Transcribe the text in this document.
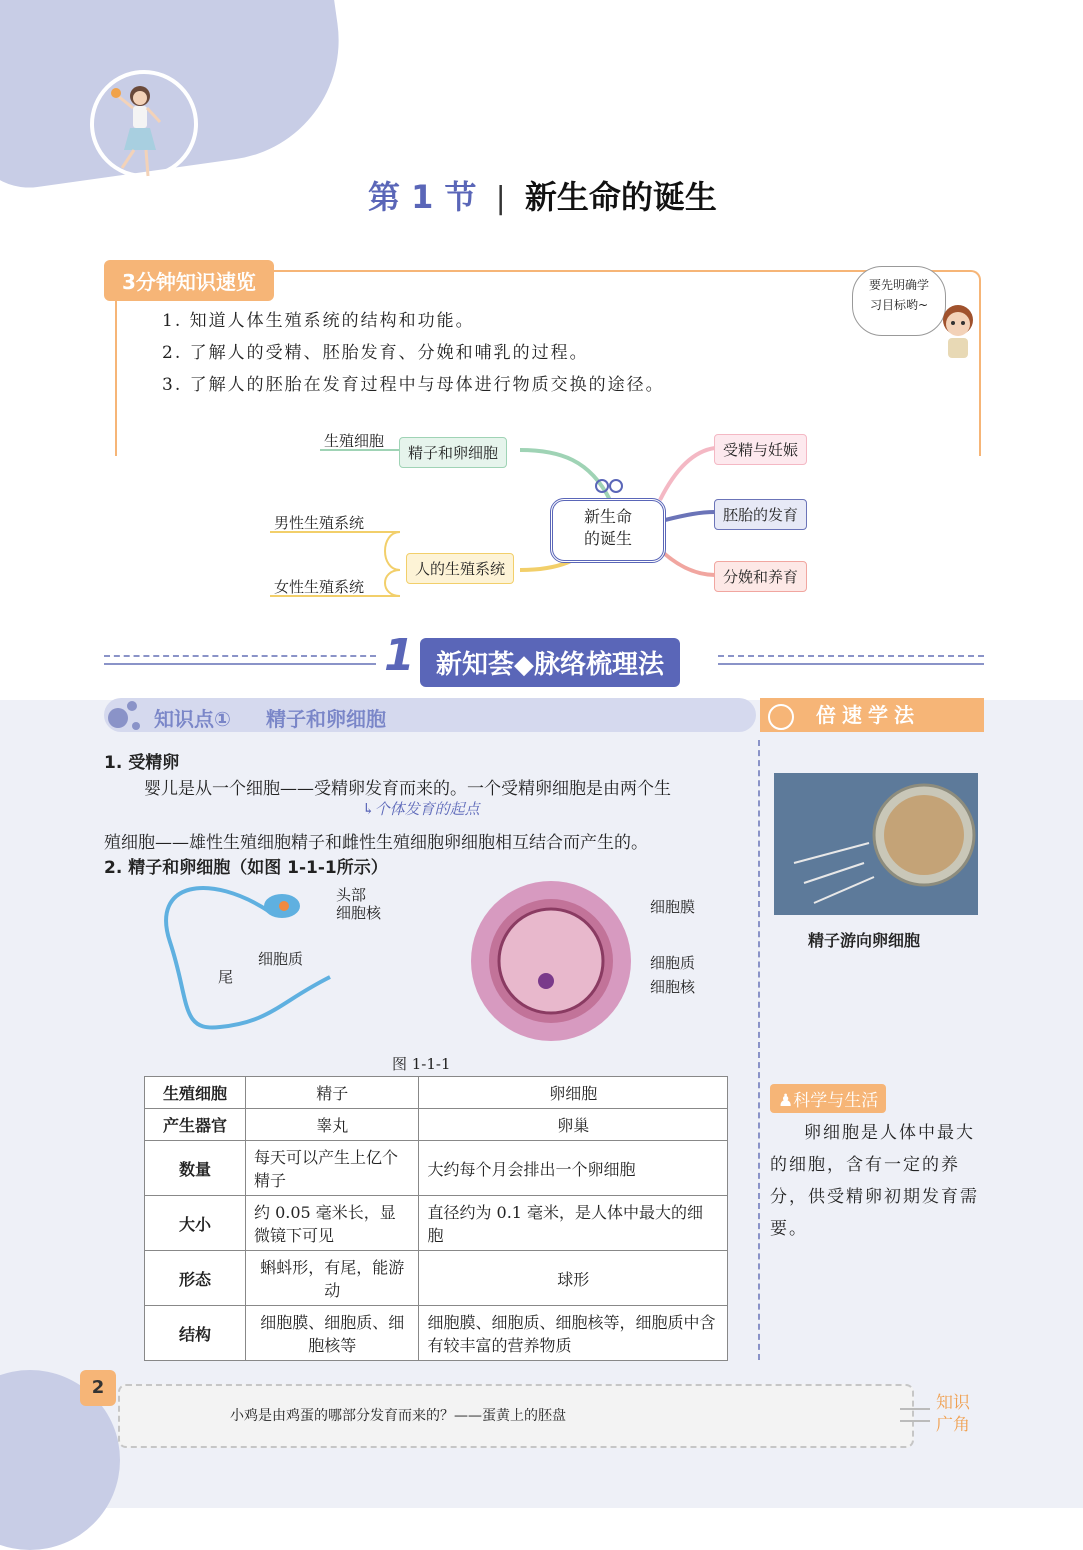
第 1 节 | 新生命的诞生
3分钟知识速览	要先明确学
习目标哟~
1. 知道人体生殖系统的结构和功能。
2. 了解人的受精、胚胎发育、分娩和哺乳的过程。
3. 了解人的胚胎在发育过程中与母体进行物质交换的途径。
新生命
的诞生
生殖细胞
精子和卵细胞
男性生殖系统
女性生殖系统
人的生殖系统
受精与妊娠
胚胎的发育
分娩和养育
1 新知荟◆脉络梳理法
知识点① 精子和卵细胞
1. 受精卵
婴儿是从一个细胞——受精卵发育而来的。一个受精卵细胞是由两个生
↳个体发育的起点
殖细胞——雄性生殖细胞精子和雌性生殖细胞卵细胞相互结合而产生的。
2. 精子和卵细胞（如图 1-1-1所示）
头部
细胞核
细胞质
尾
细胞膜
细胞质
细胞核
图 1-1-1
生殖细胞	精子	卵细胞
产生器官	睾丸	卵巢
数量	每天可以产生上亿个精子	大约每个月会排出一个卵细胞
大小	约 0.05 毫米长，显微镜下可见	直径约为 0.1 毫米，是人体中最大的细胞
形态	蝌蚪形，有尾，能游动	球形
结构	细胞膜、细胞质、细胞核等	细胞膜、细胞质、细胞核等，细胞质中含有较丰富的营养物质
倍速学法
精子游向卵细胞
♟科学与生活
卵细胞是人体中最大的细胞，含有一定的养分，供受精卵初期发育需要。
2
小鸡是由鸡蛋的哪部分发育而来的？——蛋黄上的胚盘
知识
广角
